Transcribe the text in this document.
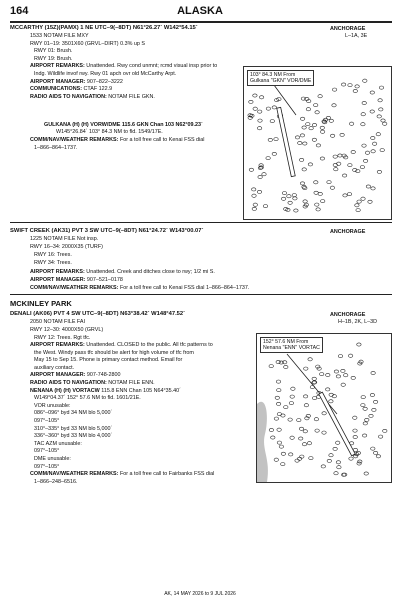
164	ALASKA
MCCARTHY (15Z)(PAMX) 1 NE UTC–9(–8DT) N61°26.27´ W142°54.15´	ANCHORAGE
1533 NOTAM FILE MXY	L–1A, 3E
RWY 01–19: 3501X60 (GRVL–DIRT) 0.3% up S
RWY 01: Brush.
RWY 19: Brush.
AIRPORT REMARKS: Unattended. Rwy cond unmnt; rcmd visual insp prior to
Indg. Wildlife invof rwy. Rwy 01 apch ovr old McCarthy Arpt.
AIRPORT MANAGER: 907–822–3222
COMMUNICATIONS: CTAF 122.9
RADIO AIDS TO NAVIGATION: NOTAM FILE GKN.
GULKANA (H) (H) VORW/DME 115.6 GKN Chan 103 N62°09.23´
W145°26.84´ 103° 84.3 NM to fld. 1549/17E.
COMM/NAV/WEATHER REMARKS: For a toll free call to Kenai FSS dial
1–866–864–1737.
103° 84.3 NM From
Gulkana "GKN" VOR/DME
SWIFT CREEK (AK31) PVT 3 SW UTC–9(–8DT) N61°24.72´ W143°00.07´	ANCHORAGE
1225 NOTAM FILE Not insp.
RWY 16–34: 2000X35 (TURF)
RWY 16: Trees.
RWY 34: Trees.
AIRPORT REMARKS: Unattended. Creek and ditches close to rwy; 1/2 mi S.
AIRPORT MANAGER: 907–521–0178
COMM/NAV/WEATHER REMARKS: For a toll free call to Kenai FSS dial 1–866–864–1737.
MCKINLEY PARK
DENALI (AK06) PVT 4 SW UTC–9(–8DT) N63°38.42´ W148°47.52´	ANCHORAGE
2050 NOTAM FILE FAI	H–1B, 2K, L–3D
RWY 12–30: 4000X50 (GRVL)
RWY 12: Trees. Rgt tfc.
AIRPORT REMARKS: Unattended. CLOSED to the public. All tfc patterns to
the West. Windy pass tfc should be alert for high volume of tfc from
May 15 to Sep 15. Phone is primary contact method. Email for
auxiliary contact.
AIRPORT MANAGER: 907-748-2800
RADIO AIDS TO NAVIGATION: NOTAM FILE ENN.
NENANA (H) (H) VORTACW 115.8 ENN Chan 105 N64°35.40´
W149°04.37´ 152° 57.6 NM to fld. 1601/21E.
VOR unusable:
086°–096° byd 34 NM blo 5,000´
097°–105°
310°–335° byd 33 NM blo 5,000´
336°–360° byd 33 NM blo 4,000´
TAC AZM unusable:
097°–105°
DME unusable:
097°–105°
COMM/NAV/WEATHER REMARKS: For a toll free call to Fairbanks FSS dial
1–866–248–6516.
152° 57.6 NM From
Nenana "ENN" VORTAC
AK, 14 MAY 2026 to 9 JUL 2026
